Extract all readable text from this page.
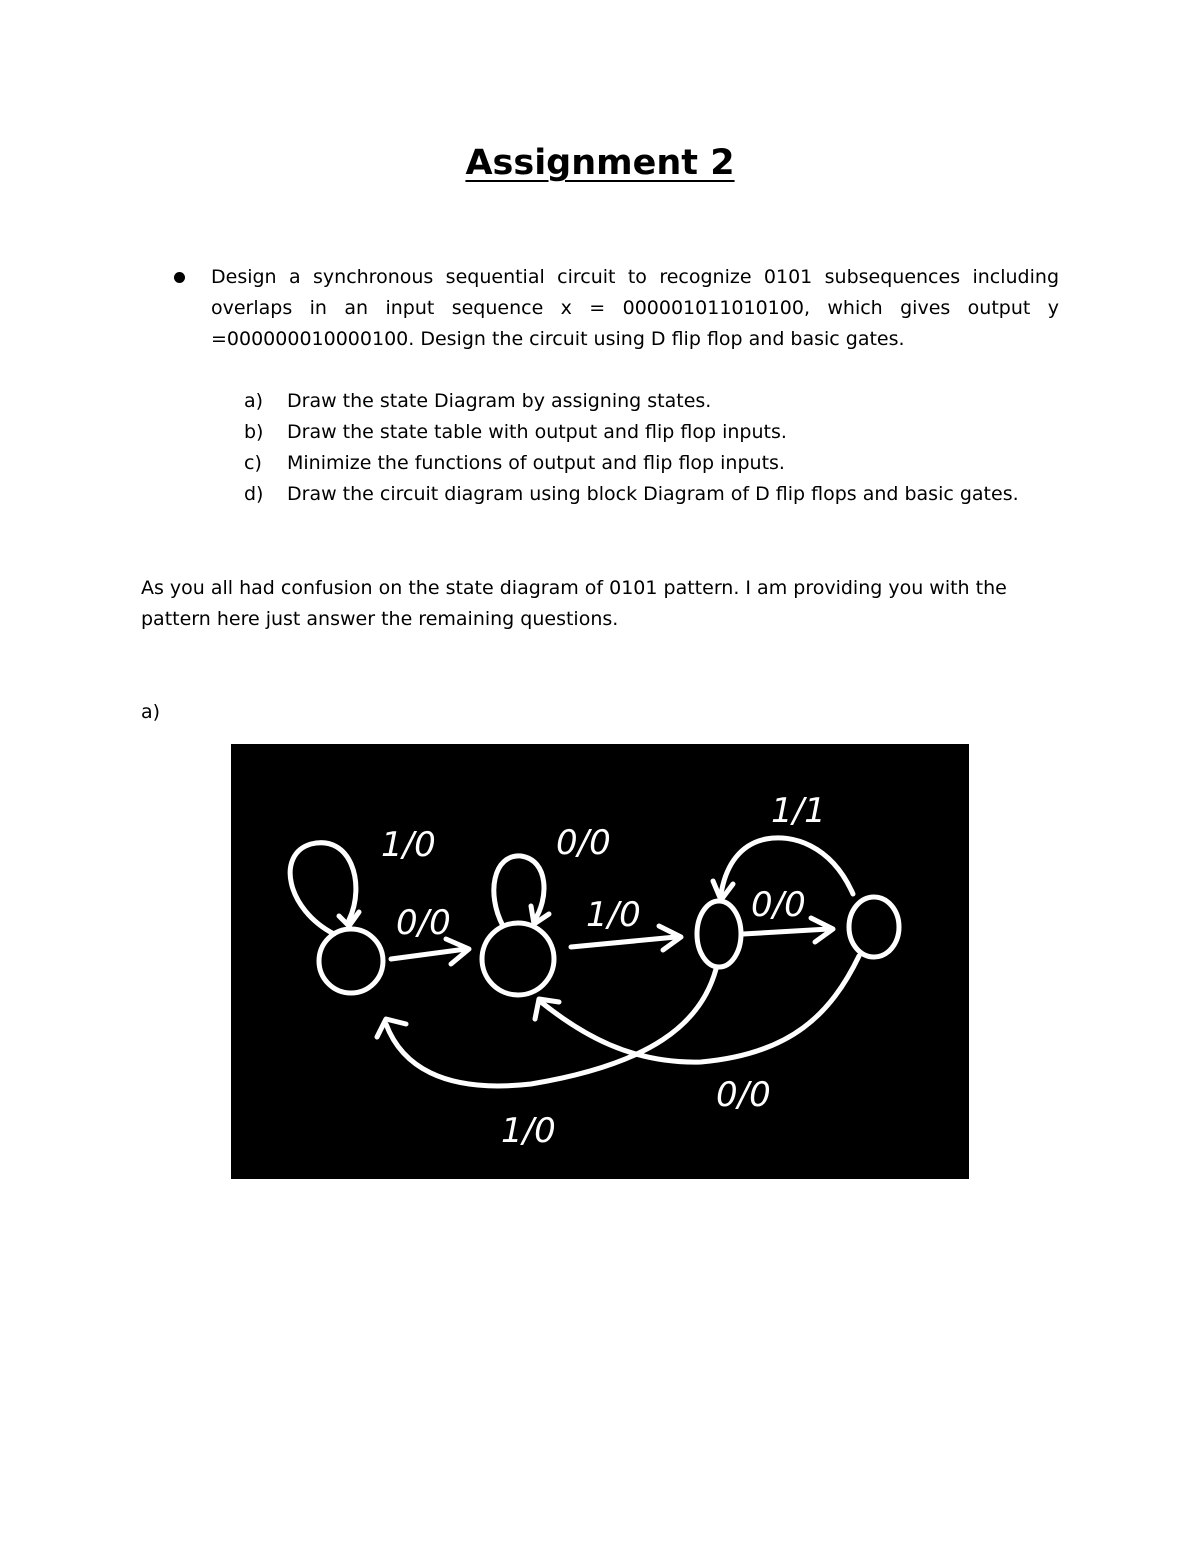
Assignment 2

Design a synchronous sequential circuit to recognize 0101 subsequences including overlaps in an input sequence x = 000001011010100, which gives output y =000000010000100. Design the circuit using D flip flop and basic gates.

a)	Draw the state Diagram by assigning states.
b)	Draw the state table with output and flip flop inputs.
c)	Minimize the functions of output and flip flop inputs.
d)	Draw the circuit diagram using block Diagram of D flip flops and basic gates.

As you all had confusion on the state diagram of 0101 pattern. I am providing you with the pattern here just answer the remaining questions.

a)

1/0
0/0
0/0
1/0	0/0
1/1
1/0
0/0
